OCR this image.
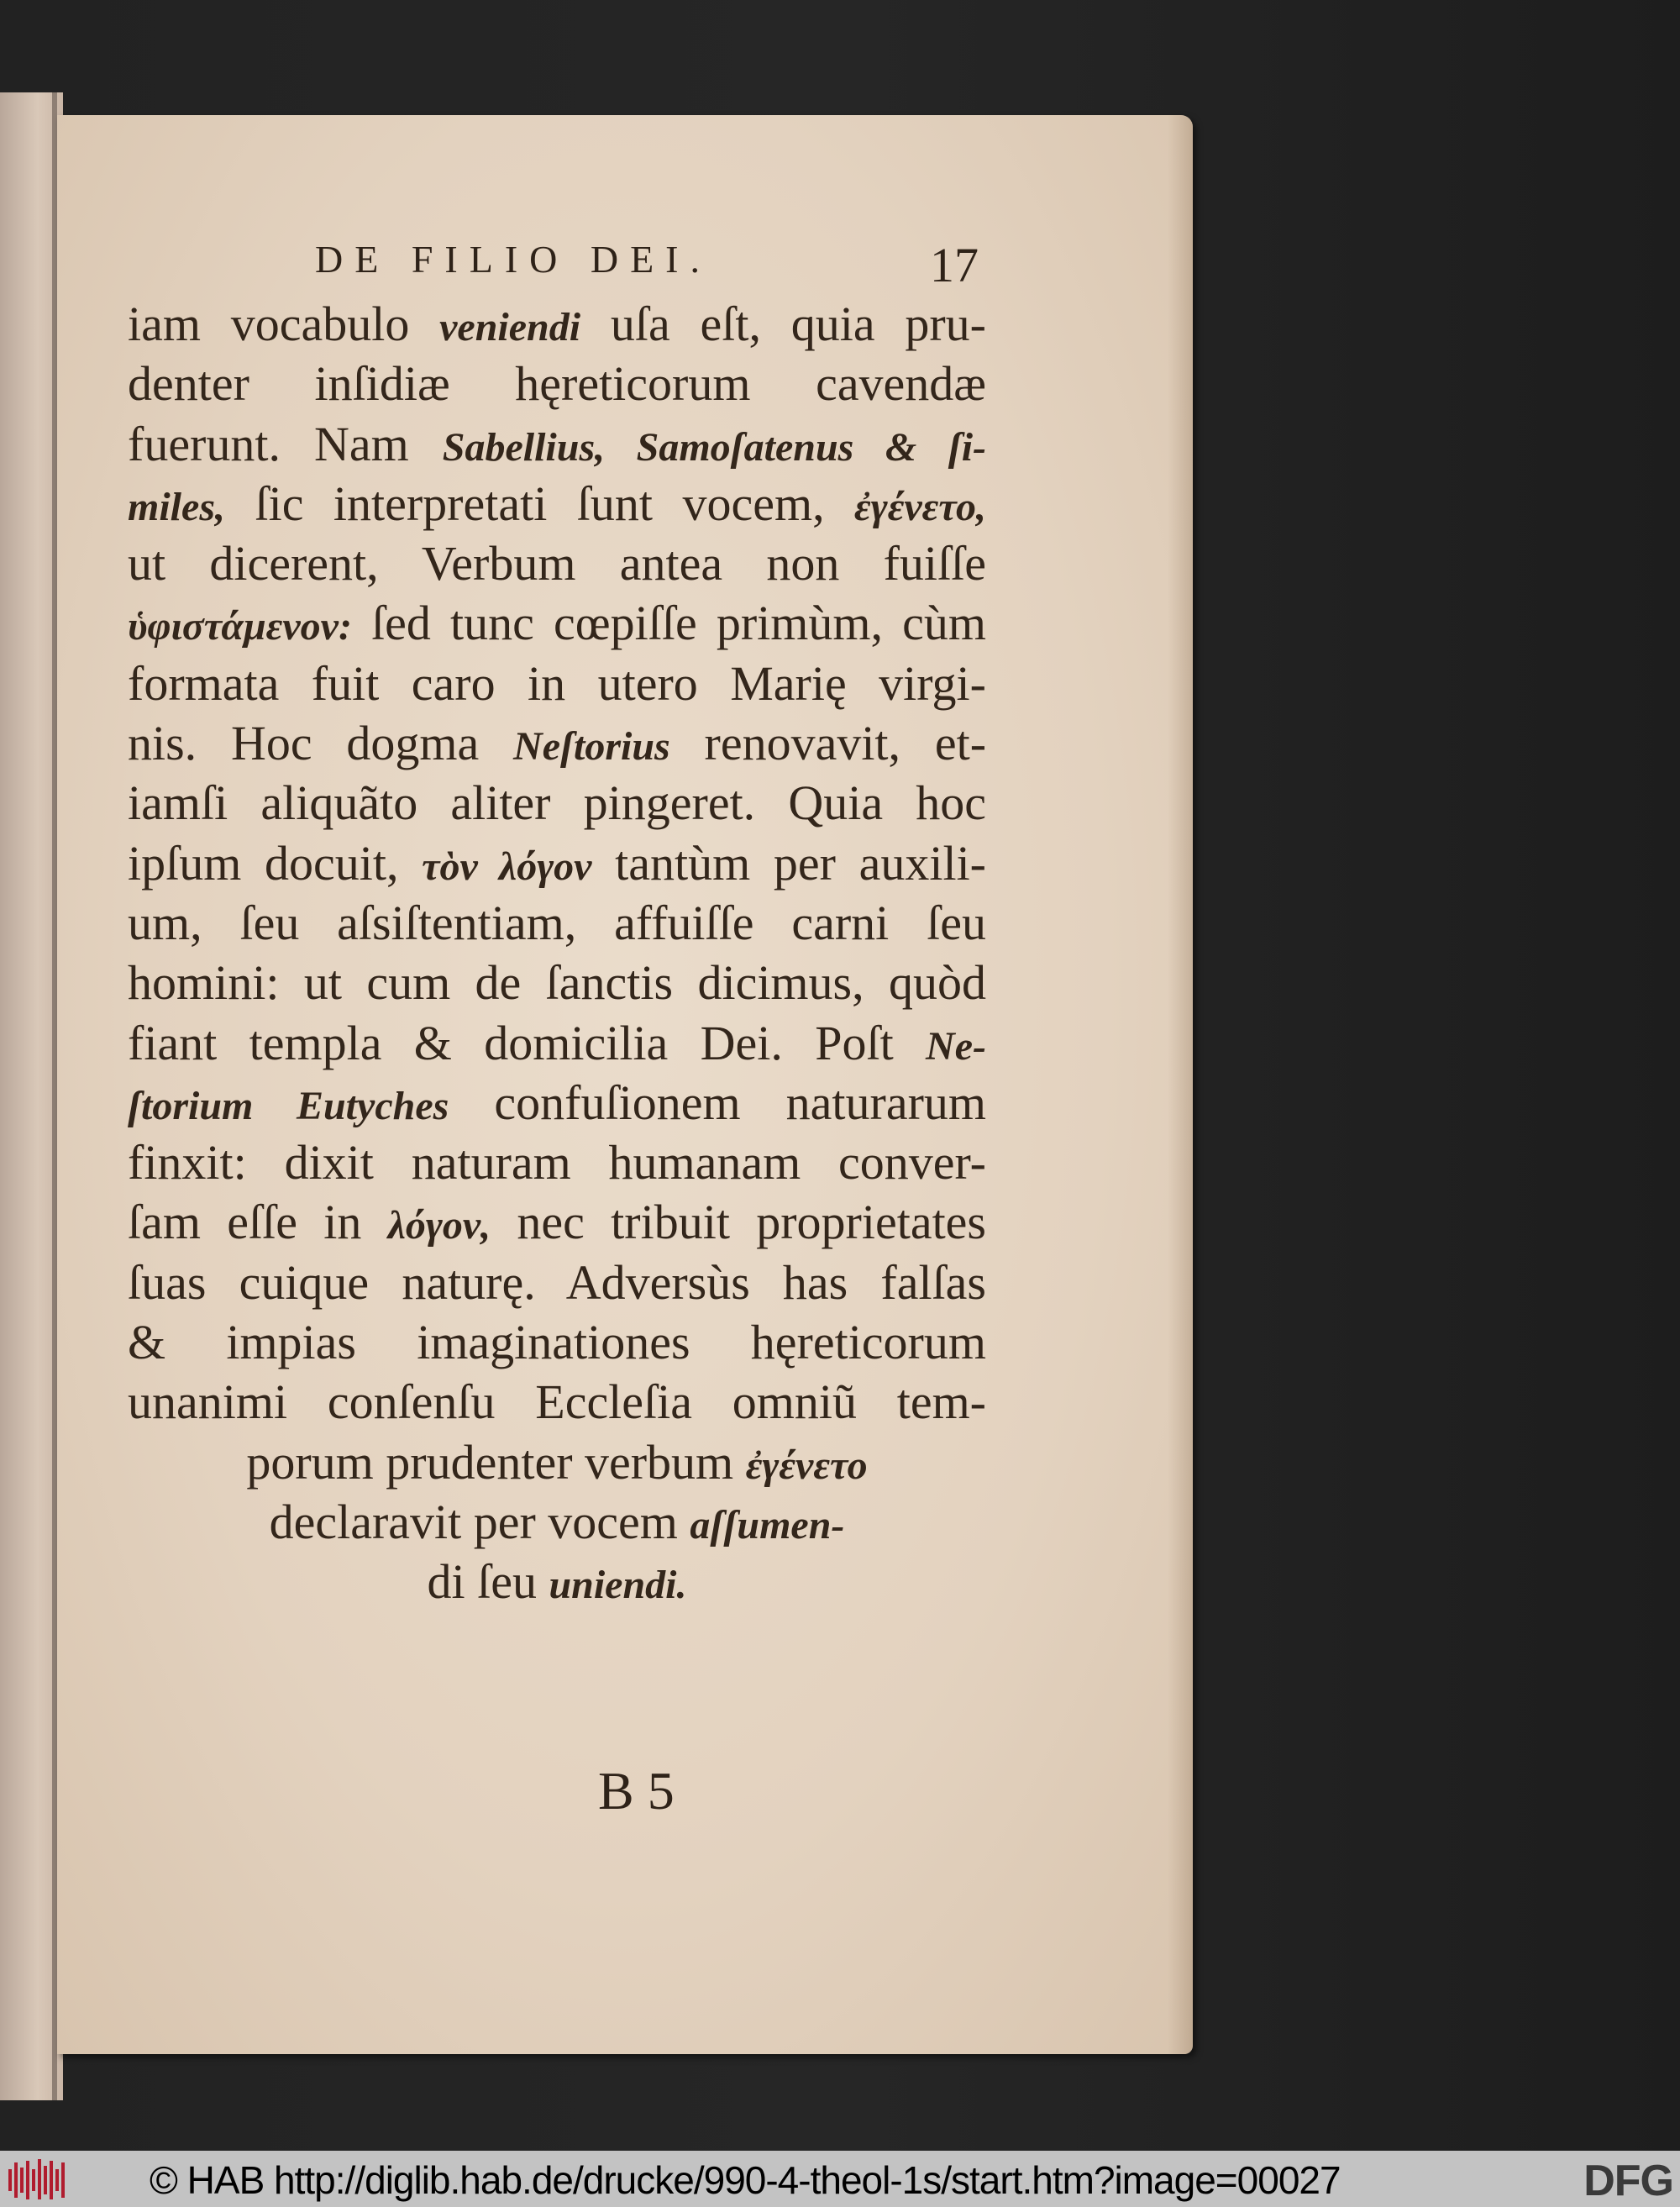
DE FILIO DEI.	17
iam vocabulo veniendi uſa eſt, quia pru-
denter inſidiæ hęreticorum cavendæ
fuerunt. Nam Sabellius, Samoſatenus & ſi-
miles, ſic interpretati ſunt vocem, ἐγένετο,
ut dicerent, Verbum antea non fuiſſe
ὑφιστάμενον: ſed tunc cœpiſſe primùm, cùm
formata fuit caro in utero Marię virgi-
nis. Hoc dogma Neſtorius renovavit, et-
iamſi aliquãto aliter pingeret. Quia hoc
ipſum docuit, τὸν λόγον tantùm per auxili-
um, ſeu aſsiſtentiam, affuiſſe carni ſeu
homini: ut cum de ſanctis dicimus, quòd
fiant templa & domicilia Dei. Poſt Ne-
ſtorium Eutyches confuſionem naturarum
finxit: dixit naturam humanam conver-
ſam eſſe in λόγον, nec tribuit proprietates
ſuas cuique naturę. Adversùs has falſas
& impias imaginationes hęreticorum
unanimi conſenſu Eccleſia omniũ tem-
porum prudenter verbum ἐγένετο
declaravit per vocem aſſumen-
di ſeu uniendi.
B 5
© HAB http://diglib.hab.de/drucke/990-4-theol-1s/start.htm?image=00027	DFG
